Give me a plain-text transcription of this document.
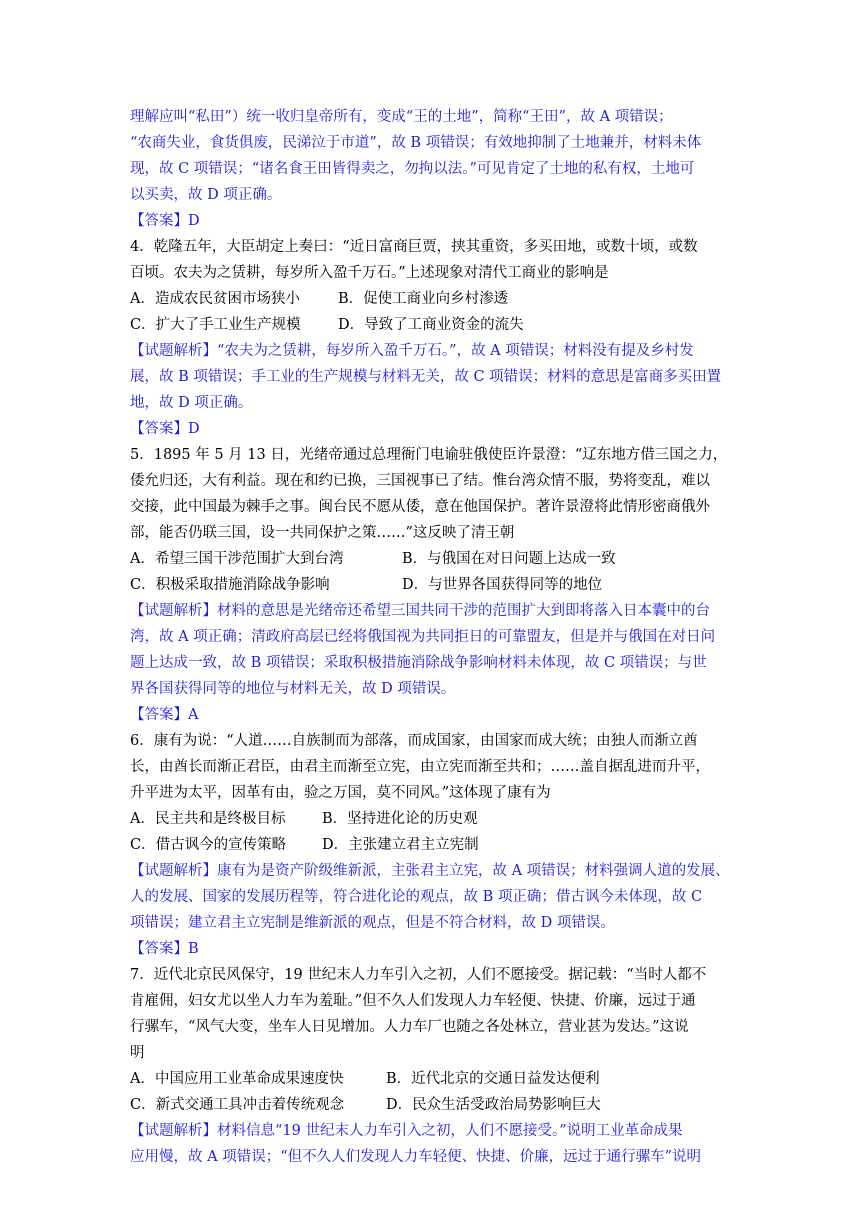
理解应叫“私田”）统一收归皇帝所有，变成“王的土地”，简称“王田”，故 A 项错误；
“农商失业，食货俱废，民涕泣于市道”，故 B 项错误；有效地抑制了土地兼并，材料未体
现，故 C 项错误；“诸名食王田皆得卖之，勿拘以法。”可见肯定了土地的私有权，土地可
以买卖，故 D 项正确。
【答案】D
4．乾隆五年，大臣胡定上奏曰：“近日富商巨贾，挟其重资，多买田地，或数十顷，或数
百顷。农夫为之赁耕，每岁所入盈千万石。”上述现象对清代工商业的影响是
A．造成农民贫困市场狭小	B．促使工商业向乡村渗透
C．扩大了手工业生产规模	D．导致了工商业资金的流失
【试题解析】“农夫为之赁耕，每岁所入盈千万石。”，故 A 项错误；材料没有提及乡村发
展，故 B 项错误；手工业的生产规模与材料无关，故 C 项错误；材料的意思是富商多买田置
地，故 D 项正确。
【答案】D
5．1895 年 5 月 13 日，光绪帝通过总理衙门电谕驻俄使臣许景澄：“辽东地方借三国之力，
倭允归还，大有利益。现在和约已换，三国视事已了结。惟台湾众情不服，势将变乱，难以
交接，此中国最为棘手之事。闽台民不愿从倭，意在他国保护。著许景澄将此情形密商俄外
部，能否仍联三国，设一共同保护之策……”这反映了清王朝
A．希望三国干涉范围扩大到台湾	B．与俄国在对日问题上达成一致
C．积极采取措施消除战争影响	D．与世界各国获得同等的地位
【试题解析】材料的意思是光绪帝还希望三国共同干涉的范围扩大到即将落入日本囊中的台
湾，故 A 项正确；清政府高层已经将俄国视为共同拒日的可靠盟友，但是并与俄国在对日问
题上达成一致，故 B 项错误；采取积极措施消除战争影响材料未体现，故 C 项错误；与世
界各国获得同等的地位与材料无关，故 D 项错误。
【答案】A
6．康有为说：“人道……自族制而为部落，而成国家，由国家而成大统；由独人而渐立酋
长，由酋长而渐正君臣，由君主而渐至立宪，由立宪而渐至共和；……盖自据乱进而升平，
升平进为太平，因革有由，验之万国，莫不同风。”这体现了康有为
A．民主共和是终极目标	B．坚持进化论的历史观
C．借古讽今的宣传策略 D．主张建立君主立宪制
【试题解析】康有为是资产阶级维新派，主张君主立宪，故 A 项错误；材料强调人道的发展、
人的发展、国家的发展历程等，符合进化论的观点，故 B 项正确；借古讽今未体现，故 C
项错误；建立君主立宪制是维新派的观点，但是不符合材料，故 D 项错误。
【答案】B
7．近代北京民风保守，19 世纪末人力车引入之初，人们不愿接受。据记载：“当时人都不
肯雇佣，妇女尤以坐人力车为羞耻。”但不久人们发现人力车轻便、快捷、价廉，远过于通
行骡车，“风气大变，坐车人日见增加。人力车厂也随之各处林立，营业甚为发达。”这说
明
A．中国应用工业革命成果速度快	B．近代北京的交通日益发达便利
C．新式交通工具冲击着传统观念	D．民众生活受政治局势影响巨大
【试题解析】材料信息“19 世纪末人力车引入之初，人们不愿接受。”说明工业革命成果
应用慢，故 A 项错误；“但不久人们发现人力车轻便、快捷、价廉，远过于通行骡车”说明
